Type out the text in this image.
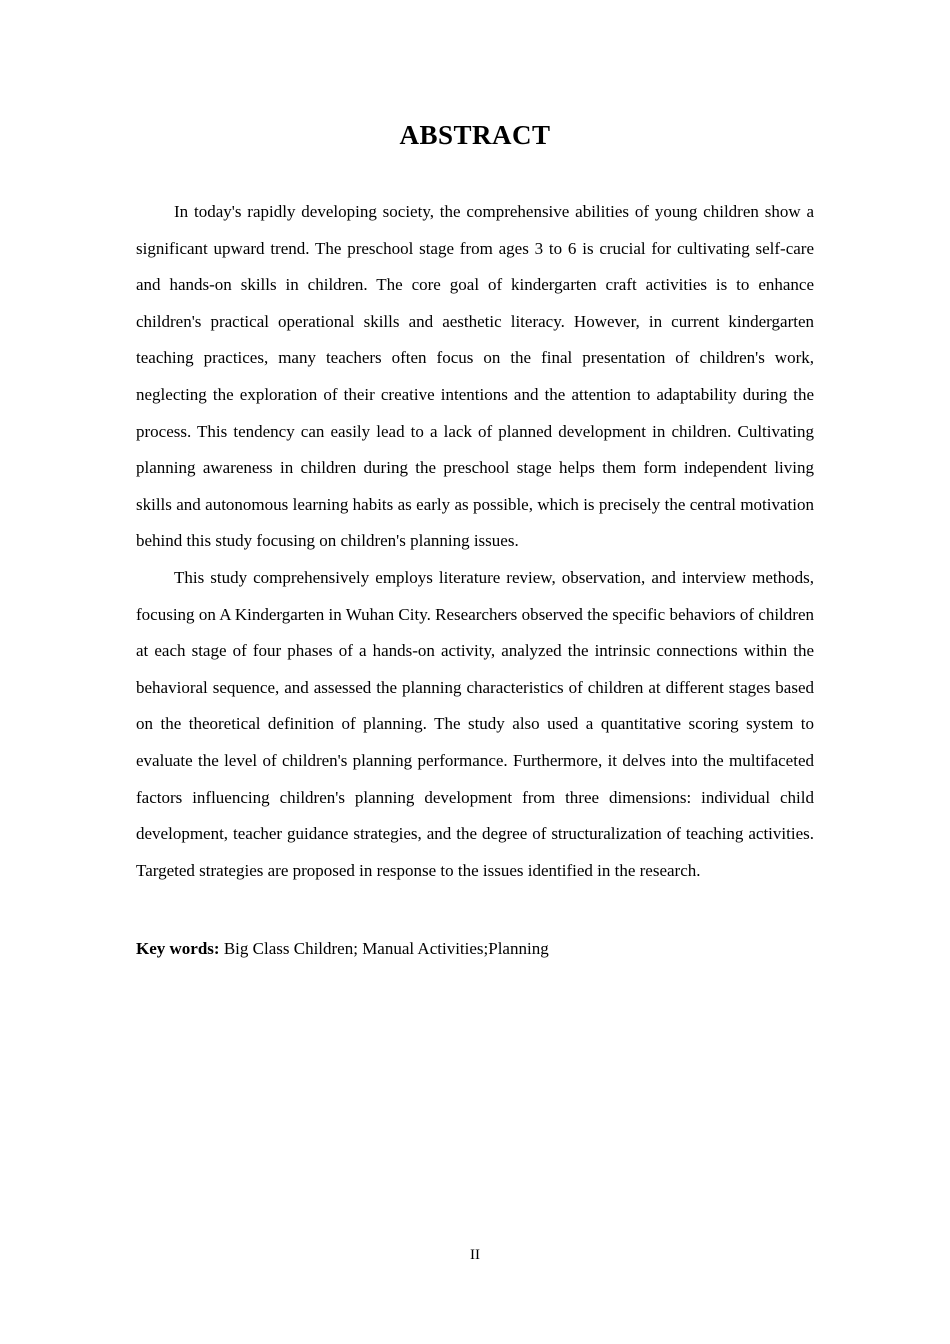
ABSTRACT

In today's rapidly developing society, the comprehensive abilities of young children show a significant upward trend. The preschool stage from ages 3 to 6 is crucial for cultivating self-care and hands-on skills in children. The core goal of kindergarten craft activities is to enhance children's practical operational skills and aesthetic literacy. However, in current kindergarten teaching practices, many teachers often focus on the final presentation of children's work, neglecting the exploration of their creative intentions and the attention to adaptability during the process. This tendency can easily lead to a lack of planned development in children. Cultivating planning awareness in children during the preschool stage helps them form independent living skills and autonomous learning habits as early as possible, which is precisely the central motivation behind this study focusing on children's planning issues.

This study comprehensively employs literature review, observation, and interview methods, focusing on A Kindergarten in Wuhan City. Researchers observed the specific behaviors of children at each stage of four phases of a hands-on activity, analyzed the intrinsic connections within the behavioral sequence, and assessed the planning characteristics of children at different stages based on the theoretical definition of planning. The study also used a quantitative scoring system to evaluate the level of children's planning performance. Furthermore, it delves into the multifaceted factors influencing children's planning development from three dimensions: individual child development, teacher guidance strategies, and the degree of structuralization of teaching activities. Targeted strategies are proposed in response to the issues identified in the research.

Key words: Big Class Children; Manual Activities;Planning

II
